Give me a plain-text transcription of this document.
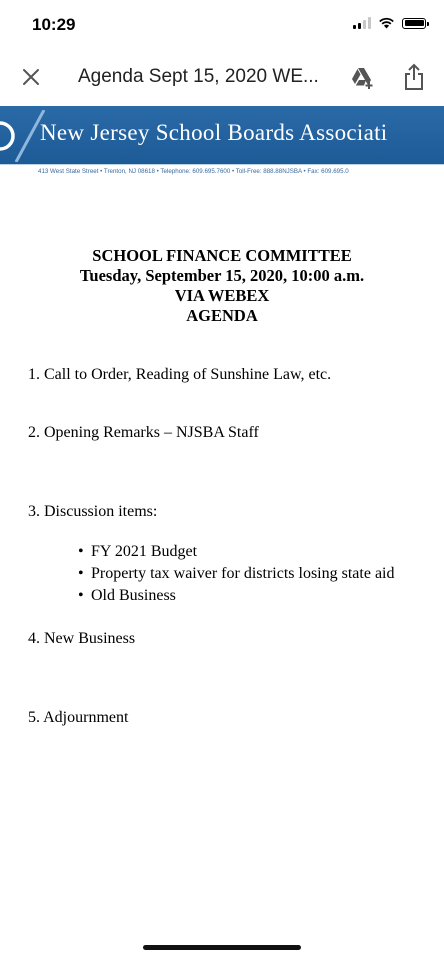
10:29
Agenda Sept 15, 2020 WE...
New Jersey School Boards Associati
413 West State Street • Trenton, NJ 08618 • Telephone: 609.695.7600 • Toll-Free: 888.88NJSBA • Fax: 609.695.0
SCHOOL FINANCE COMMITTEE
Tuesday, September 15, 2020, 10:00 a.m.
VIA WEBEX
AGENDA
1. Call to Order, Reading of Sunshine Law, etc.
2. Opening Remarks – NJSBA Staff
3. Discussion items:
• FY 2021 Budget
• Property tax waiver for districts losing state aid
• Old Business
4. New Business
5. Adjournment
